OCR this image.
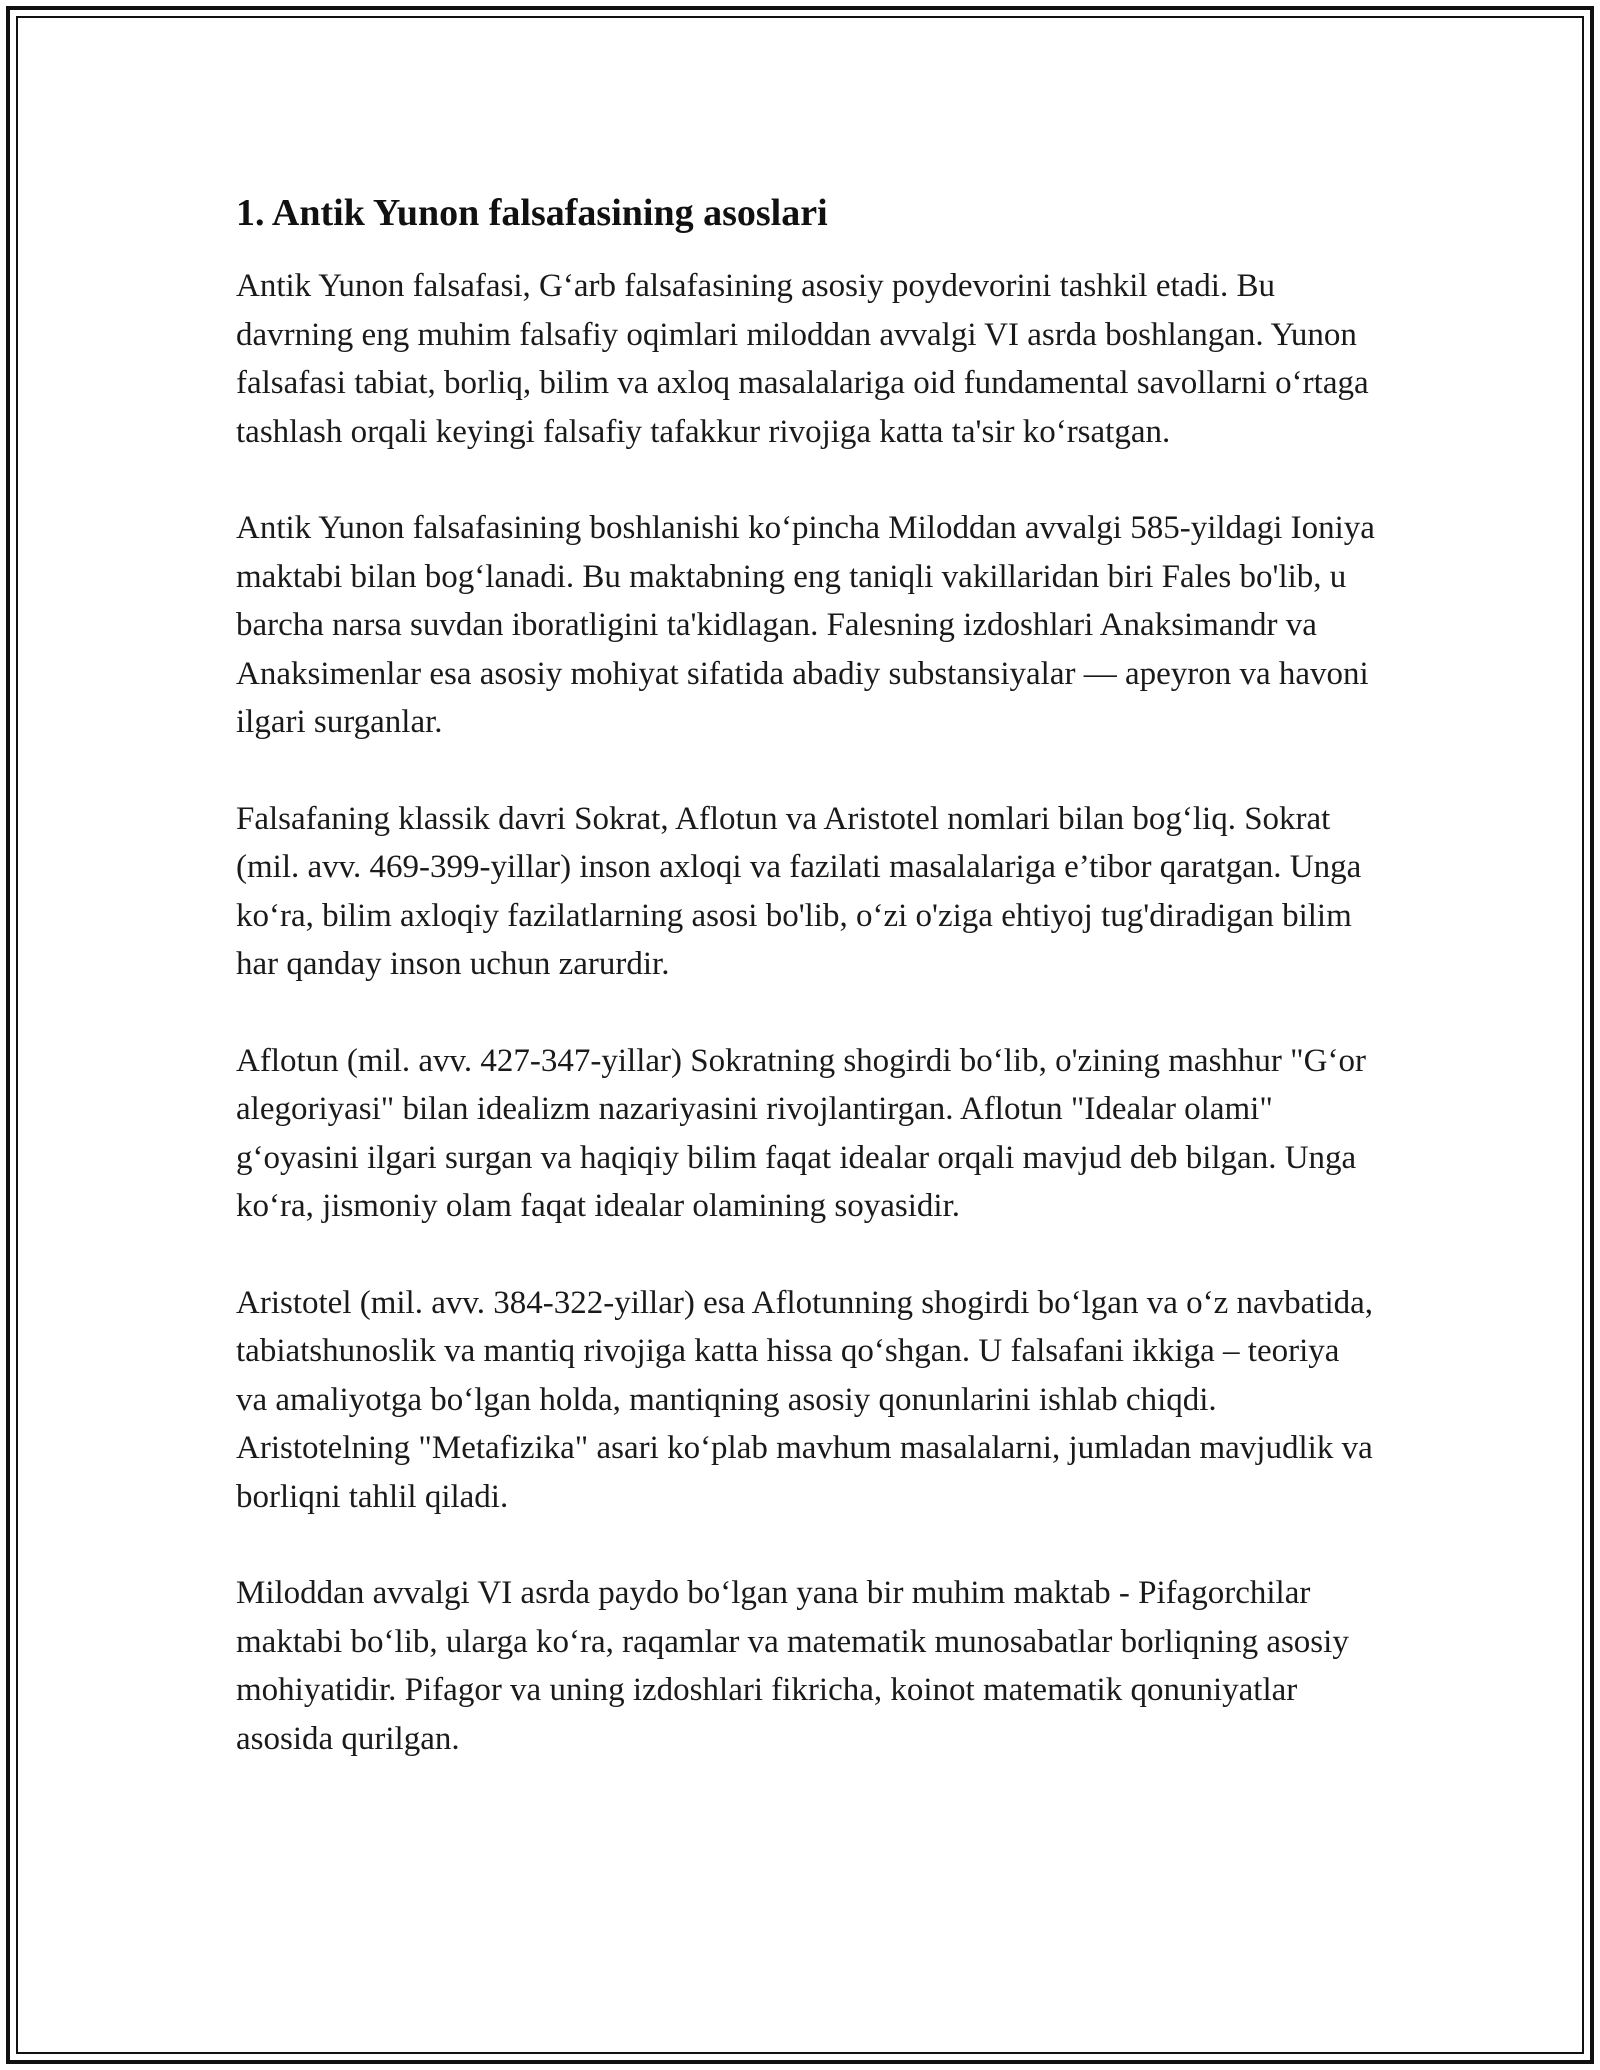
1. Antik Yunon falsafasining asoslari

Antik Yunon falsafasi, G‘arb falsafasining asosiy poydevorini tashkil etadi. Bu davrning eng muhim falsafiy oqimlari miloddan avvalgi VI asrda boshlangan. Yunon falsafasi tabiat, borliq, bilim va axloq masalalariga oid fundamental savollarni o‘rtaga tashlash orqali keyingi falsafiy tafakkur rivojiga katta ta'sir ko‘rsatgan.

Antik Yunon falsafasining boshlanishi ko‘pincha Miloddan avvalgi 585-yildagi Ioniya maktabi bilan bog‘lanadi. Bu maktabning eng taniqli vakillaridan biri Fales bo'lib, u barcha narsa suvdan iboratligini ta'kidlagan. Falesning izdoshlari Anaksimandr va Anaksimenlar esa asosiy mohiyat sifatida abadiy substansiyalar — apeyron va havoni ilgari surganlar.

Falsafaning klassik davri Sokrat, Aflotun va Aristotel nomlari bilan bog‘liq. Sokrat (mil. avv. 469-399-yillar) inson axloqi va fazilati masalalariga e’tibor qaratgan. Unga ko‘ra, bilim axloqiy fazilatlarning asosi bo'lib, o‘zi o'ziga ehtiyoj tug'diradigan bilim har qanday inson uchun zarurdir.

Aflotun (mil. avv. 427-347-yillar) Sokratning shogirdi bo‘lib, o'zining mashhur "G‘or alegoriyasi" bilan idealizm nazariyasini rivojlantirgan. Aflotun "Idealar olami" g‘oyasini ilgari surgan va haqiqiy bilim faqat idealar orqali mavjud deb bilgan. Unga ko‘ra, jismoniy olam faqat idealar olamining soyasidir.

Aristotel (mil. avv. 384-322-yillar) esa Aflotunning shogirdi bo‘lgan va o‘z navbatida, tabiatshunoslik va mantiq rivojiga katta hissa qo‘shgan. U falsafani ikkiga – teoriya va amaliyotga bo‘lgan holda, mantiqning asosiy qonunlarini ishlab chiqdi. Aristotelning "Metafizika" asari ko‘plab mavhum masalalarni, jumladan mavjudlik va borliqni tahlil qiladi.

Miloddan avvalgi VI asrda paydo bo‘lgan yana bir muhim maktab - Pifagorchilar maktabi bo‘lib, ularga ko‘ra, raqamlar va matematik munosabatlar borliqning asosiy mohiyatidir. Pifagor va uning izdoshlari fikricha, koinot matematik qonuniyatlar asosida qurilgan.
